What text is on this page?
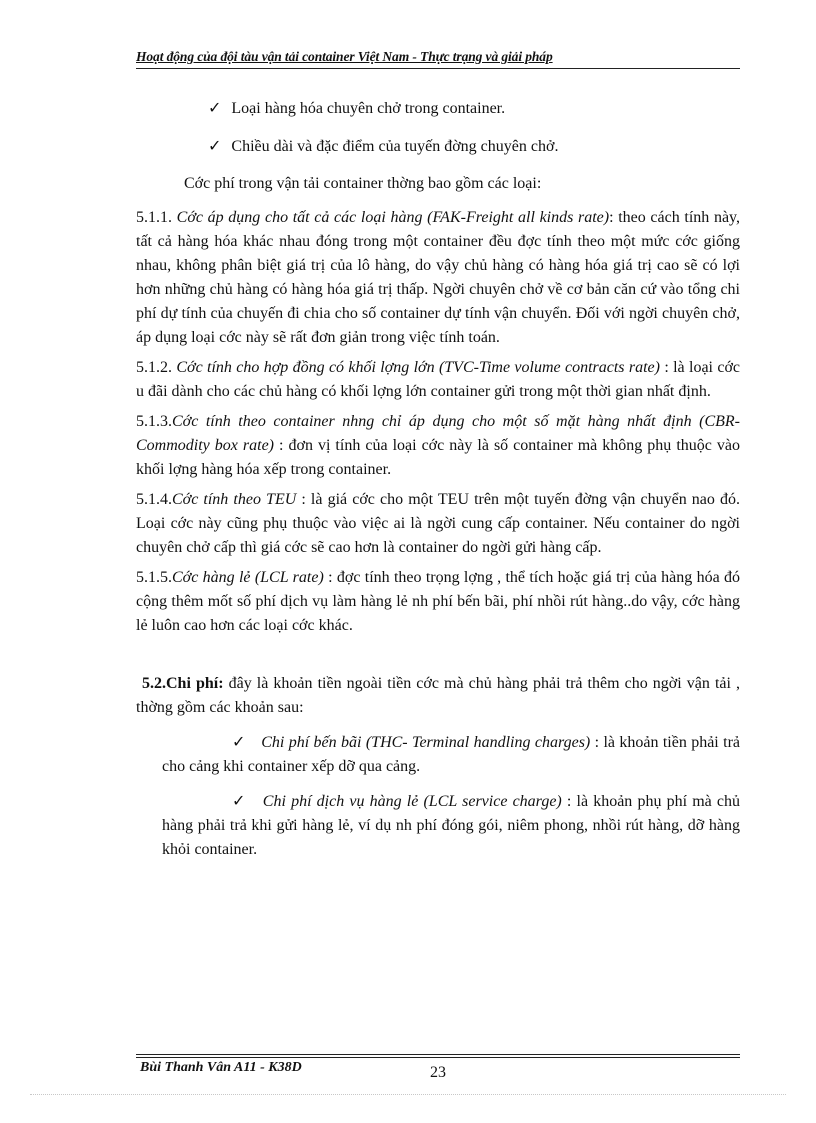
Hoạt động của đội tàu vận tải container Việt Nam - Thực trạng và giải pháp
✓ Loại hàng hóa chuyên chở trong container.
✓ Chiều dài và đặc điểm của tuyến đờng chuyên chở.
Cớc phí trong vận tải container thờng bao gồm các loại:

5.1.1. Cớc áp dụng cho tất cả các loại hàng (FAK-Freight all kinds rate): theo cách tính này, tất cả hàng hóa khác nhau đóng trong một container đều đợc tính theo một mức cớc giống nhau, không phân biệt giá trị của lô hàng, do vậy chủ hàng có hàng hóa giá trị cao sẽ có lợi hơn những chủ hàng có hàng hóa giá trị thấp. Ngời chuyên chở về cơ bản căn cứ vào tổng chi phí dự tính của chuyến đi chia cho số container dự tính vận chuyển. Đối với ngời chuyên chở, áp dụng loại cớc này sẽ rất đơn giản trong việc tính toán.

5.1.2. Cớc tính cho hợp đồng có khối lợng lớn (TVC-Time volume contracts rate) : là loại cớc u đãi dành cho các chủ hàng có khối lợng lớn container gửi trong một thời gian nhất định.

5.1.3.Cớc tính theo container nhng chỉ áp dụng cho một số mặt hàng nhất định (CBR- Commodity box rate) : đơn vị tính của loại cớc này là số container mà không phụ thuộc vào khối lợng hàng hóa xếp trong container.

5.1.4.Cớc tính theo TEU : là giá cớc cho một TEU trên một tuyến đờng vận chuyển nao đó. Loại cớc này cũng phụ thuộc vào việc ai là ngời cung cấp container. Nếu container do ngời chuyên chở cấp thì giá cớc sẽ cao hơn là container do ngời gửi hàng cấp.

5.1.5.Cớc hàng lẻ (LCL rate) : đợc tính theo trọng lợng , thể tích hoặc giá trị của hàng hóa đó cộng thêm mốt số phí dịch vụ làm hàng lẻ nh phí bến bãi, phí nhồi rút hàng..do vậy, cớc hàng lẻ luôn cao hơn các loại cớc khác.

5.2.Chi phí: đây là khoản tiền ngoài tiền cớc mà chủ hàng phải trả thêm cho ngời vận tải , thờng gồm các khoản sau:

✓ Chi phí bến bãi (THC- Terminal handling charges) : là khoản tiền phải trả cho cảng khi container xếp dỡ qua cảng.

✓ Chi phí dịch vụ hàng lẻ (LCL service charge) : là khoản phụ phí mà chủ hàng phải trả khi gửi hàng lẻ, ví dụ nh phí đóng gói, niêm phong, nhồi rút hàng, dỡ hàng khỏi container.

Bùi Thanh Vân A11 - K38D	23
